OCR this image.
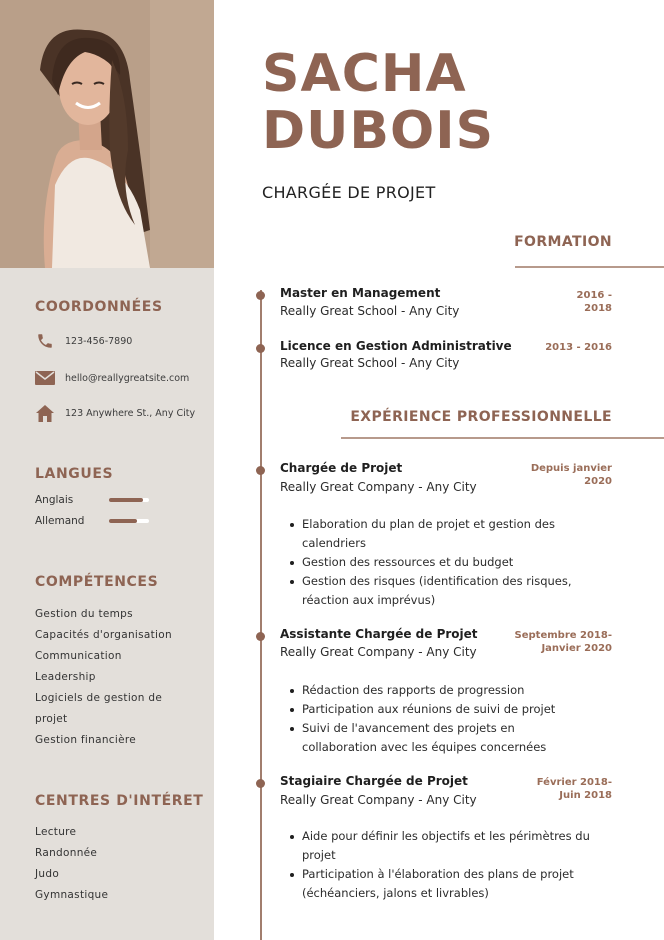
COORDONNÉES
123-456-7890
hello@reallygreatsite.com
123 Anywhere St., Any City
LANGUES
Anglais
Allemand
COMPÉTENCES
Gestion du temps
Capacités d'organisation
Communication
Leadership
Logiciels de gestion de
projet
Gestion financière
CENTRES D'INTÉRET
Lecture
Randonnée
Judo
Gymnastique
SACHA
DUBOIS
CHARGÉE DE PROJET
FORMATION
Master en Management
Really Great School - Any City
2016 -
2018
Licence en Gestion Administrative
Really Great School - Any City
2013 - 2016
EXPÉRIENCE PROFESSIONNELLE
Chargée de Projet
Really Great Company - Any City
Depuis janvier
2020
Elaboration du plan de projet et gestion des calendriers
Gestion des ressources et du budget
Gestion des risques (identification des risques, réaction aux imprévus)
Assistante Chargée de Projet
Really Great Company - Any City
Septembre 2018-
Janvier 2020
Rédaction des rapports de progression
Participation aux réunions de suivi de projet
Suivi de l'avancement des projets en collaboration avec les équipes concernées
Stagiaire Chargée de Projet
Really Great Company - Any City
Février 2018-
Juin 2018
Aide pour définir les objectifs et les périmètres du projet
Participation à l'élaboration des plans de projet (échéanciers, jalons et livrables)
